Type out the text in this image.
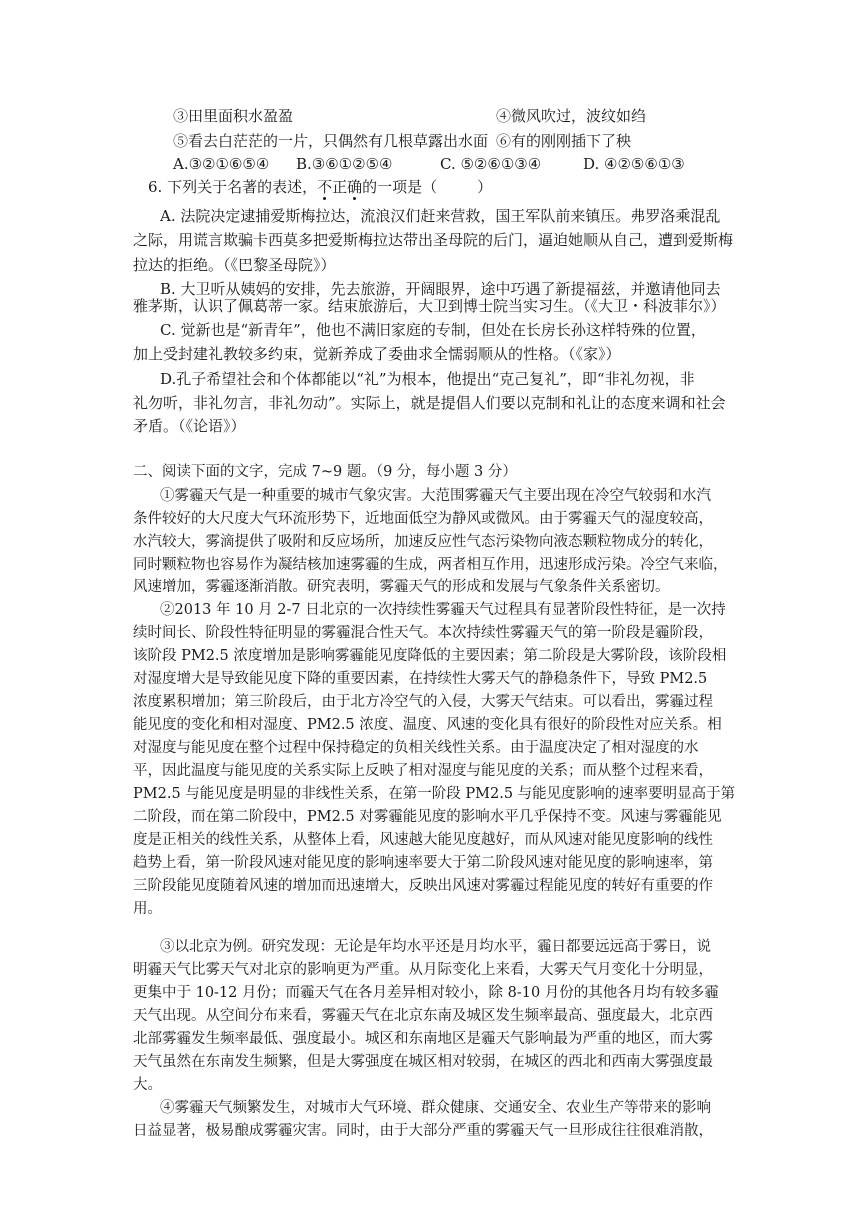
③田里面积水盈盈	④微风吹过，波纹如绉
⑤看去白茫茫的一片，只偶然有几根草露出水面 ⑥有的刚刚插下了秧
A.③②①⑥⑤④ B.③⑥①②⑤④	C. ⑤②⑥①③④	D. ④②⑤⑥①③
6. 下列关于名著的表述，不正确的一项是（	）
A. 法院决定逮捕爱斯梅拉达，流浪汉们赶来营救，国王军队前来镇压。弗罗洛乘混乱
之际，用谎言欺骗卡西莫多把爱斯梅拉达带出圣母院的后门，逼迫她顺从自己，遭到爱斯梅
拉达的拒绝。（《巴黎圣母院》）
B. 大卫听从姨妈的安排，先去旅游，开阔眼界，途中巧遇了新提福兹，并邀请他同去
雅茅斯，认识了佩葛蒂一家。结束旅游后，大卫到博士院当实习生。（《大卫・科波菲尔》）
C. 觉新也是“新青年”，他也不满旧家庭的专制，但处在长房长孙这样特殊的位置，
加上受封建礼教较多约束，觉新养成了委曲求全懦弱顺从的性格。（《家》）
D.孔子希望社会和个体都能以“礼”为根本，他提出“克己复礼”，即“非礼勿视，非
礼勿听，非礼勿言，非礼勿动”。实际上，就是提倡人们要以克制和礼让的态度来调和社会
矛盾。（《论语》）
二、阅读下面的文字，完成 7~9 题。（9 分，每小题 3 分）
①雾霾天气是一种重要的城市气象灾害。大范围雾霾天气主要出现在冷空气较弱和水汽
条件较好的大尺度大气环流形势下，近地面低空为静风或微风。由于雾霾天气的湿度较高，
水汽较大，雾滴提供了吸附和反应场所，加速反应性气态污染物向液态颗粒物成分的转化，
同时颗粒物也容易作为凝结核加速雾霾的生成，两者相互作用，迅速形成污染。冷空气来临，
风速增加，雾霾逐渐消散。研究表明，雾霾天气的形成和发展与气象条件关系密切。
②2013 年 10 月 2-7 日北京的一次持续性雾霾天气过程具有显著阶段性特征，是一次持
续时间长、阶段性特征明显的雾霾混合性天气。本次持续性雾霾天气的第一阶段是霾阶段，
该阶段 PM2.5 浓度增加是影响雾霾能见度降低的主要因素；第二阶段是大雾阶段，该阶段相
对湿度增大是导致能见度下降的重要因素，在持续性大雾天气的静稳条件下，导致 PM2.5
浓度累积增加；第三阶段后，由于北方冷空气的入侵，大雾天气结束。可以看出，雾霾过程
能见度的变化和相对湿度、PM2.5 浓度、温度、风速的变化具有很好的阶段性对应关系。相
对湿度与能见度在整个过程中保持稳定的负相关线性关系。由于温度决定了相对湿度的水
平，因此温度与能见度的关系实际上反映了相对湿度与能见度的关系；而从整个过程来看，
PM2.5 与能见度是明显的非线性关系，在第一阶段 PM2.5 与能见度影响的速率要明显高于第
二阶段，而在第二阶段中，PM2.5 对雾霾能见度的影响水平几乎保持不变。风速与雾霾能见
度是正相关的线性关系，从整体上看，风速越大能见度越好，而从风速对能见度影响的线性
趋势上看，第一阶段风速对能见度的影响速率要大于第二阶段风速对能见度的影响速率，第
三阶段能见度随着风速的增加而迅速增大，反映出风速对雾霾过程能见度的转好有重要的作
用。
③以北京为例。研究发现：无论是年均水平还是月均水平，霾日都要远远高于雾日，说
明霾天气比雾天气对北京的影响更为严重。从月际变化上来看，大雾天气月变化十分明显，
更集中于 10-12 月份；而霾天气在各月差异相对较小，除 8-10 月份的其他各月均有较多霾
天气出现。从空间分布来看，雾霾天气在北京东南及城区发生频率最高、强度最大，北京西
北部雾霾发生频率最低、强度最小。城区和东南地区是霾天气影响最为严重的地区，而大雾
天气虽然在东南发生频繁，但是大雾强度在城区相对较弱，在城区的西北和西南大雾强度最
大。
④雾霾天气频繁发生，对城市大气环境、群众健康、交通安全、农业生产等带来的影响
日益显著，极易酿成雾霾灾害。同时，由于大部分严重的雾霾天气一旦形成往往很难消散，
